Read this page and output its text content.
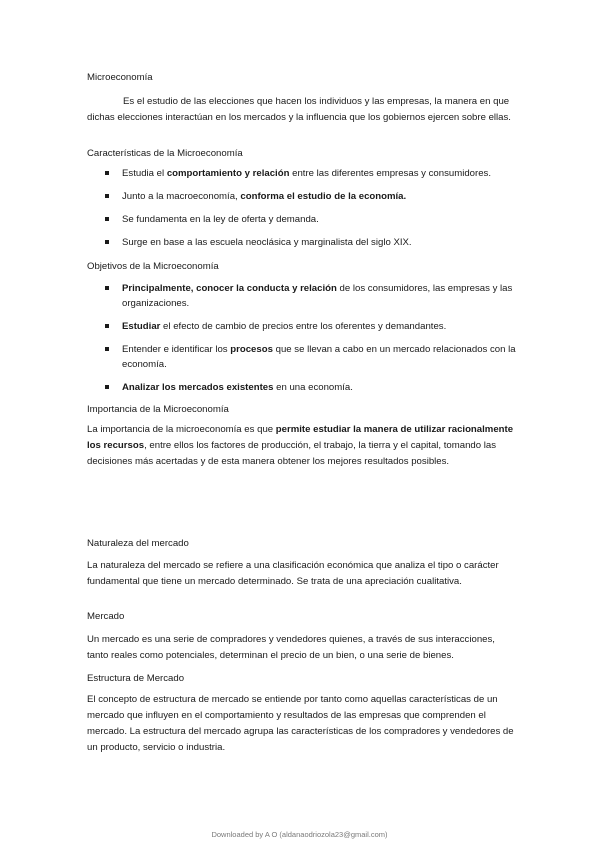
Microeconomía
Es el estudio de las elecciones que hacen los individuos y las empresas, la manera en que dichas elecciones interactúan en los mercados y la influencia que los gobiernos ejercen sobre ellas.
Características de la Microeconomía
Estudia el comportamiento y relación entre las diferentes empresas y consumidores.
Junto a la macroeconomía, conforma el estudio de la economía.
Se fundamenta en la ley de oferta y demanda.
Surge en base a las escuela neoclásica y marginalista del siglo XIX.
Objetivos de la Microeconomía
Principalmente, conocer la conducta y relación de los consumidores, las empresas y las organizaciones.
Estudiar el efecto de cambio de precios entre los oferentes y demandantes.
Entender e identificar los procesos que se llevan a cabo en un mercado relacionados con la economía.
Analizar los mercados existentes en una economía.
Importancia de la Microeconomía
La importancia de la microeconomía es que permite estudiar la manera de utilizar racionalmente los recursos, entre ellos los factores de producción, el trabajo, la tierra y el capital, tomando las decisiones más acertadas y de esta manera obtener los mejores resultados posibles.
Naturaleza del mercado
La naturaleza del mercado se refiere a una clasificación económica que analiza el tipo o carácter fundamental que tiene un mercado determinado. Se trata de una apreciación cualitativa.
Mercado
Un mercado es una serie de compradores y vendedores quienes, a través de sus interacciones, tanto reales como potenciales, determinan el precio de un bien, o una serie de bienes.
Estructura de Mercado
El concepto de estructura de mercado se entiende por tanto como aquellas características de un mercado que influyen en el comportamiento y resultados de las empresas que comprenden el mercado. La estructura del mercado agrupa las características de los compradores y vendedores de un producto, servicio o industria.
Downloaded by A O (aldanaodriozola23@gmail.com)
